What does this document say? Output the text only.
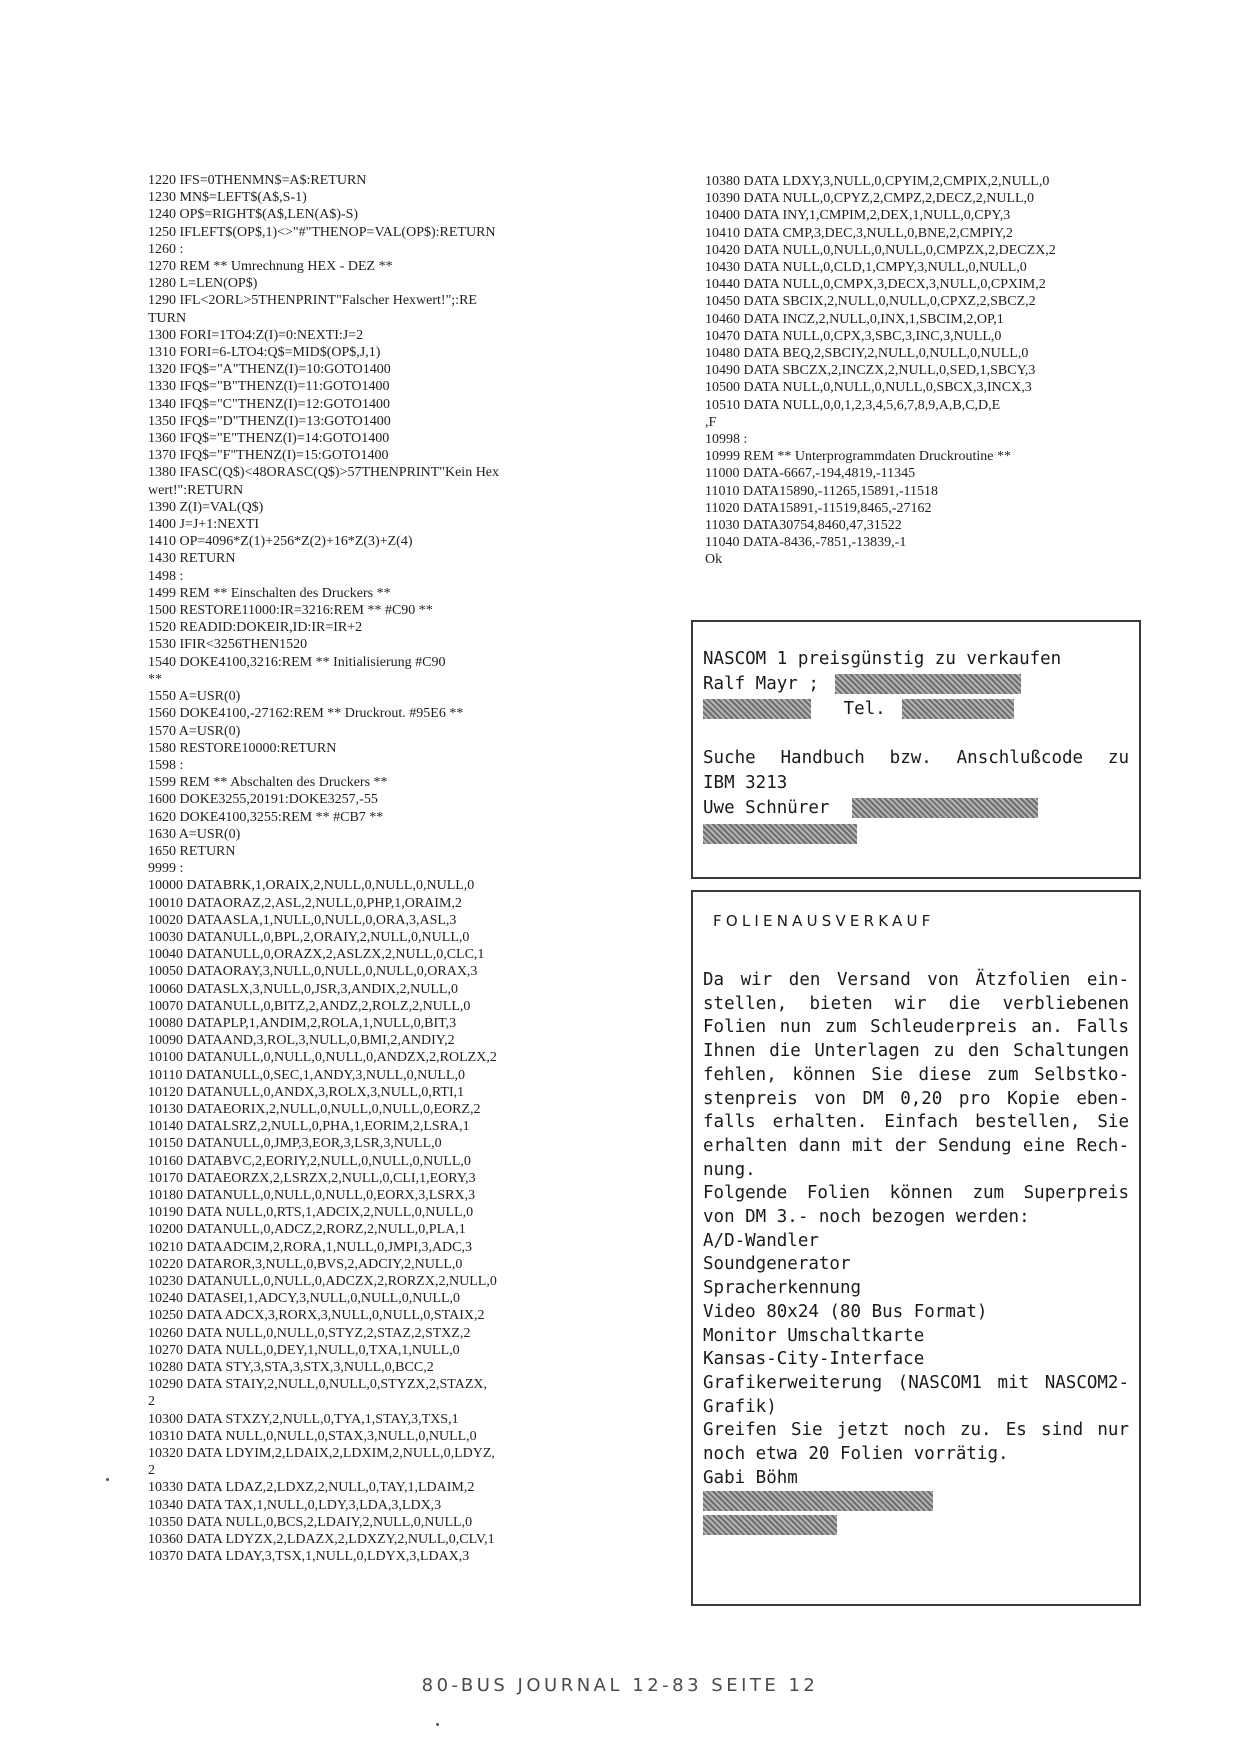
1220 IFS=0THENMN$=A$:RETURN
1230 MN$=LEFT$(A$,S-1)
1240 OP$=RIGHT$(A$,LEN(A$)-S)
1250 IFLEFT$(OP$,1)<>"#"THENOP=VAL(OP$):RETURN
1260 :
1270 REM ** Umrechnung HEX - DEZ **
1280 L=LEN(OP$)
1290 IFL<2ORL>5THENPRINT"Falscher Hexwert!";:RE
TURN
1300 FORI=1TO4:Z(I)=0:NEXTI:J=2
1310 FORI=6-LTO4:Q$=MID$(OP$,J,1)
1320 IFQ$="A"THENZ(I)=10:GOTO1400
1330 IFQ$="B"THENZ(I)=11:GOTO1400
1340 IFQ$="C"THENZ(I)=12:GOTO1400
1350 IFQ$="D"THENZ(I)=13:GOTO1400
1360 IFQ$="E"THENZ(I)=14:GOTO1400
1370 IFQ$="F"THENZ(I)=15:GOTO1400
1380 IFASC(Q$)<48ORASC(Q$)>57THENPRINT"Kein Hex
wert!":RETURN
1390 Z(I)=VAL(Q$)
1400 J=J+1:NEXTI
1410 OP=4096*Z(1)+256*Z(2)+16*Z(3)+Z(4)
1430 RETURN
1498 :
1499 REM ** Einschalten des Druckers **
1500 RESTORE11000:IR=3216:REM ** #C90 **
1520 READID:DOKEIR,ID:IR=IR+2
1530 IFIR<3256THEN1520
1540 DOKE4100,3216:REM ** Initialisierung #C90
**
1550 A=USR(0)
1560 DOKE4100,-27162:REM ** Druckrout. #95E6 **
1570 A=USR(0)
1580 RESTORE10000:RETURN
1598 :
1599 REM ** Abschalten des Druckers **
1600 DOKE3255,20191:DOKE3257,-55
1620 DOKE4100,3255:REM ** #CB7 **
1630 A=USR(0)
1650 RETURN
9999 :
10000 DATABRK,1,ORAIX,2,NULL,0,NULL,0,NULL,0
10010 DATAORAZ,2,ASL,2,NULL,0,PHP,1,ORAIM,2
10020 DATAASLA,1,NULL,0,NULL,0,ORA,3,ASL,3
10030 DATANULL,0,BPL,2,ORAIY,2,NULL,0,NULL,0
10040 DATANULL,0,ORAZX,2,ASLZX,2,NULL,0,CLC,1
10050 DATAORAY,3,NULL,0,NULL,0,NULL,0,ORAX,3
10060 DATASLX,3,NULL,0,JSR,3,ANDIX,2,NULL,0
10070 DATANULL,0,BITZ,2,ANDZ,2,ROLZ,2,NULL,0
10080 DATAPLP,1,ANDIM,2,ROLA,1,NULL,0,BIT,3
10090 DATAAND,3,ROL,3,NULL,0,BMI,2,ANDIY,2
10100 DATANULL,0,NULL,0,NULL,0,ANDZX,2,ROLZX,2
10110 DATANULL,0,SEC,1,ANDY,3,NULL,0,NULL,0
10120 DATANULL,0,ANDX,3,ROLX,3,NULL,0,RTI,1
10130 DATAEORIX,2,NULL,0,NULL,0,NULL,0,EORZ,2
10140 DATALSRZ,2,NULL,0,PHA,1,EORIM,2,LSRA,1
10150 DATANULL,0,JMP,3,EOR,3,LSR,3,NULL,0
10160 DATABVC,2,EORIY,2,NULL,0,NULL,0,NULL,0
10170 DATAEORZX,2,LSRZX,2,NULL,0,CLI,1,EORY,3
10180 DATANULL,0,NULL,0,NULL,0,EORX,3,LSRX,3
10190 DATA NULL,0,RTS,1,ADCIX,2,NULL,0,NULL,0
10200 DATANULL,0,ADCZ,2,RORZ,2,NULL,0,PLA,1
10210 DATAADCIM,2,RORA,1,NULL,0,JMPI,3,ADC,3
10220 DATAROR,3,NULL,0,BVS,2,ADCIY,2,NULL,0
10230 DATANULL,0,NULL,0,ADCZX,2,RORZX,2,NULL,0
10240 DATASEI,1,ADCY,3,NULL,0,NULL,0,NULL,0
10250 DATA ADCX,3,RORX,3,NULL,0,NULL,0,STAIX,2
10260 DATA NULL,0,NULL,0,STYZ,2,STAZ,2,STXZ,2
10270 DATA NULL,0,DEY,1,NULL,0,TXA,1,NULL,0
10280 DATA STY,3,STA,3,STX,3,NULL,0,BCC,2
10290 DATA STAIY,2,NULL,0,NULL,0,STYZX,2,STAZX,
2
10300 DATA STXZY,2,NULL,0,TYA,1,STAY,3,TXS,1
10310 DATA NULL,0,NULL,0,STAX,3,NULL,0,NULL,0
10320 DATA LDYIM,2,LDAIX,2,LDXIM,2,NULL,0,LDYZ,
2
10330 DATA LDAZ,2,LDXZ,2,NULL,0,TAY,1,LDAIM,2
10340 DATA TAX,1,NULL,0,LDY,3,LDA,3,LDX,3
10350 DATA NULL,0,BCS,2,LDAIY,2,NULL,0,NULL,0
10360 DATA LDYZX,2,LDAZX,2,LDXZY,2,NULL,0,CLV,1
10370 DATA LDAY,3,TSX,1,NULL,0,LDYX,3,LDAX,3
10380 DATA LDXY,3,NULL,0,CPYIM,2,CMPIX,2,NULL,0
10390 DATA NULL,0,CPYZ,2,CMPZ,2,DECZ,2,NULL,0
10400 DATA INY,1,CMPIM,2,DEX,1,NULL,0,CPY,3
10410 DATA CMP,3,DEC,3,NULL,0,BNE,2,CMPIY,2
10420 DATA NULL,0,NULL,0,NULL,0,CMPZX,2,DECZX,2
10430 DATA NULL,0,CLD,1,CMPY,3,NULL,0,NULL,0
10440 DATA NULL,0,CMPX,3,DECX,3,NULL,0,CPXIM,2
10450 DATA SBCIX,2,NULL,0,NULL,0,CPXZ,2,SBCZ,2
10460 DATA INCZ,2,NULL,0,INX,1,SBCIM,2,OP,1
10470 DATA NULL,0,CPX,3,SBC,3,INC,3,NULL,0
10480 DATA BEQ,2,SBCIY,2,NULL,0,NULL,0,NULL,0
10490 DATA SBCZX,2,INCZX,2,NULL,0,SED,1,SBCY,3
10500 DATA NULL,0,NULL,0,NULL,0,SBCX,3,INCX,3
10510 DATA NULL,0,0,1,2,3,4,5,6,7,8,9,A,B,C,D,E
,F
10998 :
10999 REM ** Unterprogrammdaten Druckroutine **
11000 DATA-6667,-194,4819,-11345
11010 DATA15890,-11265,15891,-11518
11020 DATA15891,-11519,8465,-27162
11030 DATA30754,8460,47,31522
11040 DATA-8436,-7851,-13839,-1
Ok
NASCOM 1 preisgünstig zu verkaufen
Ralf Mayr ;
Tel.
Suche Handbuch bzw. Anschlußcode zu
IBM 3213
Uwe Schnürer
FOLIENAUSVERKAUF
Da wir den Versand von Ätzfolien ein-
stellen, bieten wir die verbliebenen
Folien nun zum Schleuderpreis an. Falls
Ihnen die Unterlagen zu den Schaltungen
fehlen, können Sie diese zum Selbstko-
stenpreis von DM 0,20 pro Kopie eben-
falls erhalten. Einfach bestellen, Sie
erhalten dann mit der Sendung eine Rech-
nung.
Folgende Folien können zum Superpreis
von DM 3.- noch bezogen werden:
A/D-Wandler
Soundgenerator
Spracherkennung
Video 80x24 (80 Bus Format)
Monitor Umschaltkarte
Kansas-City-Interface
Grafikerweiterung (NASCOM1 mit NASCOM2-
Grafik)
Greifen Sie jetzt noch zu. Es sind nur
noch etwa 20 Folien vorrätig.
Gabi Böhm
80-BUS JOURNAL 12-83 SEITE 12
